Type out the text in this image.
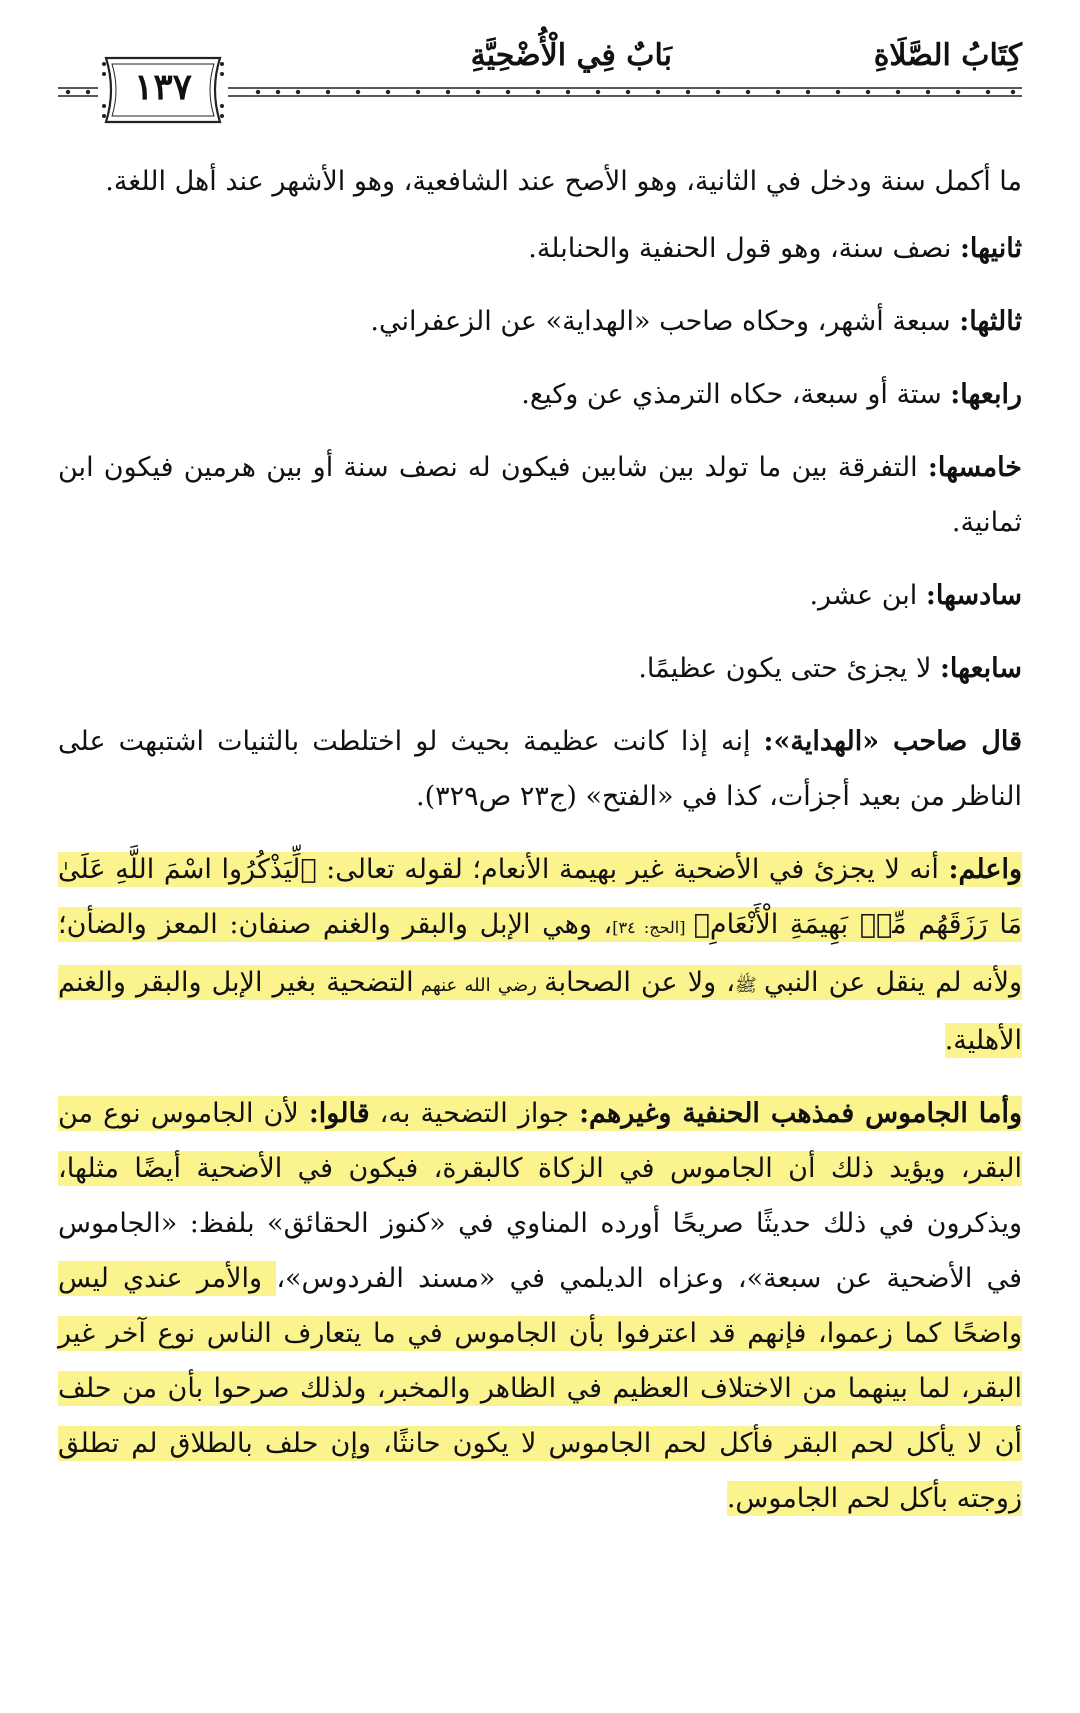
كِتَابُ الصَّلَاةِ
بَابٌ فِي الْأُضْحِيَّةِ
١٣٧

ما أكمل سنة ودخل في الثانية، وهو الأصح عند الشافعية، وهو الأشهر عند أهل اللغة.

ثانيها: نصف سنة، وهو قول الحنفية والحنابلة.

ثالثها: سبعة أشهر، وحكاه صاحب «الهداية» عن الزعفراني.

رابعها: ستة أو سبعة، حكاه الترمذي عن وكيع.

خامسها: التفرقة بين ما تولد بين شابين فيكون له نصف سنة أو بين هرمين فيكون ابن ثمانية.

سادسها: ابن عشر.

سابعها: لا يجزئ حتى يكون عظيمًا.

قال صاحب «الهداية»: إنه إذا كانت عظيمة بحيث لو اختلطت بالثنيات اشتبهت على الناظر من بعيد أجزأت، كذا في «الفتح» (ج٢٣ ص٣٢٩).

واعلم: أنه لا يجزئ في الأضحية غير بهيمة الأنعام؛ لقوله تعالى: ﴿لِّيَذْكُرُوا اسْمَ اللَّهِ عَلَىٰ مَا رَزَقَهُم مِّنۢ بَهِيمَةِ الْأَنْعَامِ﴾ [الحج: ٣٤]، وهي الإبل والبقر والغنم صنفان: المعز والضأن؛ ولأنه لم ينقل عن النبي ﷺ، ولا عن الصحابة رضي الله عنهم التضحية بغير الإبل والبقر والغنم الأهلية.

وأما الجاموس فمذهب الحنفية وغيرهم: جواز التضحية به، قالوا: لأن الجاموس نوع من البقر، ويؤيد ذلك أن الجاموس في الزكاة كالبقرة، فيكون في الأضحية أيضًا مثلها، ويذكرون في ذلك حديثًا صريحًا أورده المناوي في «كنوز الحقائق» بلفظ: «الجاموس في الأضحية عن سبعة»، وعزاه الديلمي في «مسند الفردوس»، والأمر عندي ليس واضحًا كما زعموا، فإنهم قد اعترفوا بأن الجاموس في ما يتعارف الناس نوع آخر غير البقر، لما بينهما من الاختلاف العظيم في الظاهر والمخبر، ولذلك صرحوا بأن من حلف أن لا يأكل لحم البقر فأكل لحم الجاموس لا يكون حانثًا، وإن حلف بالطلاق لم تطلق زوجته بأكل لحم الجاموس.
